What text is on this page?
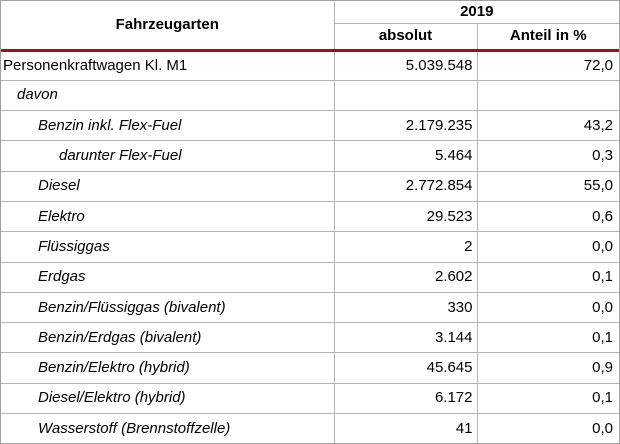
Fahrzeugarten	2019	
	absolut	Anteil in %
Personenkraftwagen Kl. M1	5.039.548	72,0
davon		
Benzin inkl. Flex-Fuel	2.179.235	43,2
darunter Flex-Fuel	5.464	0,3
Diesel	2.772.854	55,0
Elektro	29.523	0,6
Flüssiggas	2	0,0
Erdgas	2.602	0,1
Benzin/Flüssiggas (bivalent)	330	0,0
Benzin/Erdgas (bivalent)	3.144	0,1
Benzin/Elektro (hybrid)	45.645	0,9
Diesel/Elektro (hybrid)	6.172	0,1
Wasserstoff (Brennstoffzelle)	41	0,0
